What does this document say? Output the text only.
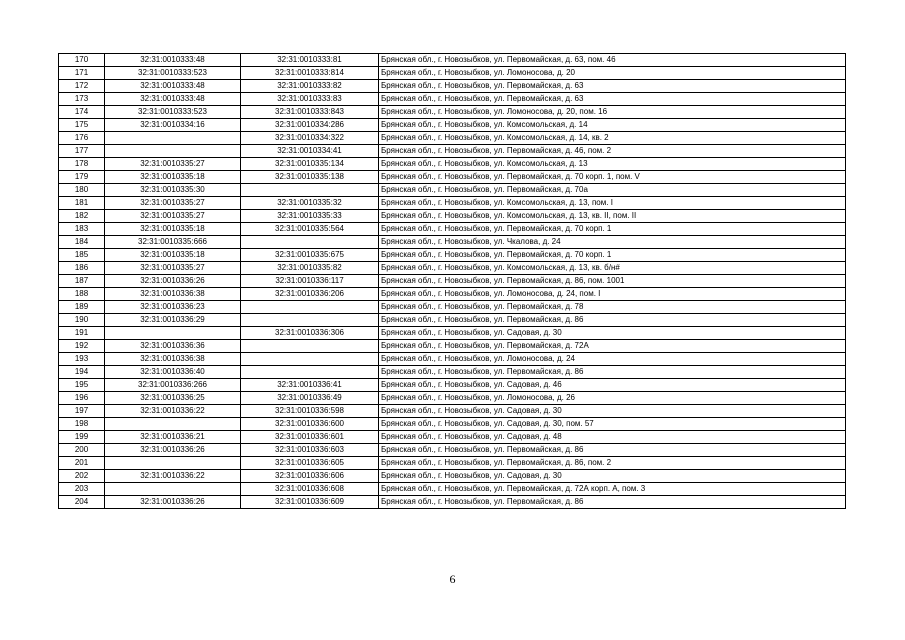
170	32:31:0010333:48	32:31:0010333:81	Брянская обл., г. Новозыбков, ул. Первомайская, д. 63, пом. 46
171	32:31:0010333:523	32:31:0010333:814	Брянская обл., г. Новозыбков, ул. Ломоносова, д. 20
172	32:31:0010333:48	32:31:0010333:82	Брянская обл., г. Новозыбков, ул. Первомайская, д. 63
173	32:31:0010333:48	32:31:0010333:83	Брянская обл., г. Новозыбков, ул. Первомайская, д. 63
174	32:31:0010333:523	32:31:0010333:843	Брянская обл., г. Новозыбков, ул. Ломоносова, д. 20, пом. 16
175	32:31:0010334:16	32:31:0010334:286	Брянская обл., г. Новозыбков, ул. Комсомольская, д. 14
176		32:31:0010334:322	Брянская обл., г. Новозыбков, ул. Комсомольская, д. 14, кв. 2
177		32:31:0010334:41	Брянская обл., г. Новозыбков, ул. Первомайская, д. 46, пом. 2
178	32:31:0010335:27	32:31:0010335:134	Брянская обл., г. Новозыбков, ул. Комсомольская, д. 13
179	32:31:0010335:18	32:31:0010335:138	Брянская обл., г. Новозыбков, ул. Первомайская, д. 70 корп. 1, пом. V
180	32:31:0010335:30		Брянская обл., г. Новозыбков, ул. Первомайская, д. 70а
181	32:31:0010335:27	32:31:0010335:32	Брянская обл., г. Новозыбков, ул. Комсомольская, д. 13, пом. I
182	32:31:0010335:27	32:31:0010335:33	Брянская обл., г. Новозыбков, ул. Комсомольская, д. 13, кв. II, пом. II
183	32:31:0010335:18	32:31:0010335:564	Брянская обл., г. Новозыбков, ул. Первомайская, д. 70 корп. 1
184	32:31:0010335:666		Брянская обл., г. Новозыбков, ул. Чкалова, д. 24
185	32:31:0010335:18	32:31:0010335:675	Брянская обл., г. Новозыбков, ул. Первомайская, д. 70 корп. 1
186	32:31:0010335:27	32:31:0010335:82	Брянская обл., г. Новозыбков, ул. Комсомольская, д. 13, кв. б/н#
187	32:31:0010336:26	32:31:0010336:117	Брянская обл., г. Новозыбков, ул. Первомайская, д. 86, пом. 1001
188	32:31:0010336:38	32:31:0010336:206	Брянская обл., г. Новозыбков, ул. Ломоносова, д. 24, пом. I
189	32:31:0010336:23		Брянская обл., г. Новозыбков, ул. Первомайская, д. 78
190	32:31:0010336:29		Брянская обл., г. Новозыбков, ул. Первомайская, д. 86
191		32:31:0010336:306	Брянская обл., г. Новозыбков, ул. Садовая, д. 30
192	32:31:0010336:36		Брянская обл., г. Новозыбков, ул. Первомайская, д. 72А
193	32:31:0010336:38		Брянская обл., г. Новозыбков, ул. Ломоносова, д. 24
194	32:31:0010336:40		Брянская обл., г. Новозыбков, ул. Первомайская, д. 86
195	32:31:0010336:266	32:31:0010336:41	Брянская обл., г. Новозыбков, ул. Садовая, д. 46
196	32:31:0010336:25	32:31:0010336:49	Брянская обл., г. Новозыбков, ул. Ломоносова, д. 26
197	32:31:0010336:22	32:31:0010336:598	Брянская обл., г. Новозыбков, ул. Садовая, д. 30
198		32:31:0010336:600	Брянская обл., г. Новозыбков, ул. Садовая, д. 30, пом. 57
199	32:31:0010336:21	32:31:0010336:601	Брянская обл., г. Новозыбков, ул. Садовая, д. 48
200	32:31:0010336:26	32:31:0010336:603	Брянская обл., г. Новозыбков, ул. Первомайская, д. 86
201		32:31:0010336:605	Брянская обл., г. Новозыбков, ул. Первомайская, д. 86, пом. 2
202	32:31:0010336:22	32:31:0010336:606	Брянская обл., г. Новозыбков, ул. Садовая, д. 30
203		32:31:0010336:608	Брянская обл., г. Новозыбков, ул. Первомайская, д. 72А корп. А, пом. 3
204	32:31:0010336:26	32:31:0010336:609	Брянская обл., г. Новозыбков, ул. Первомайская, д. 86
6
